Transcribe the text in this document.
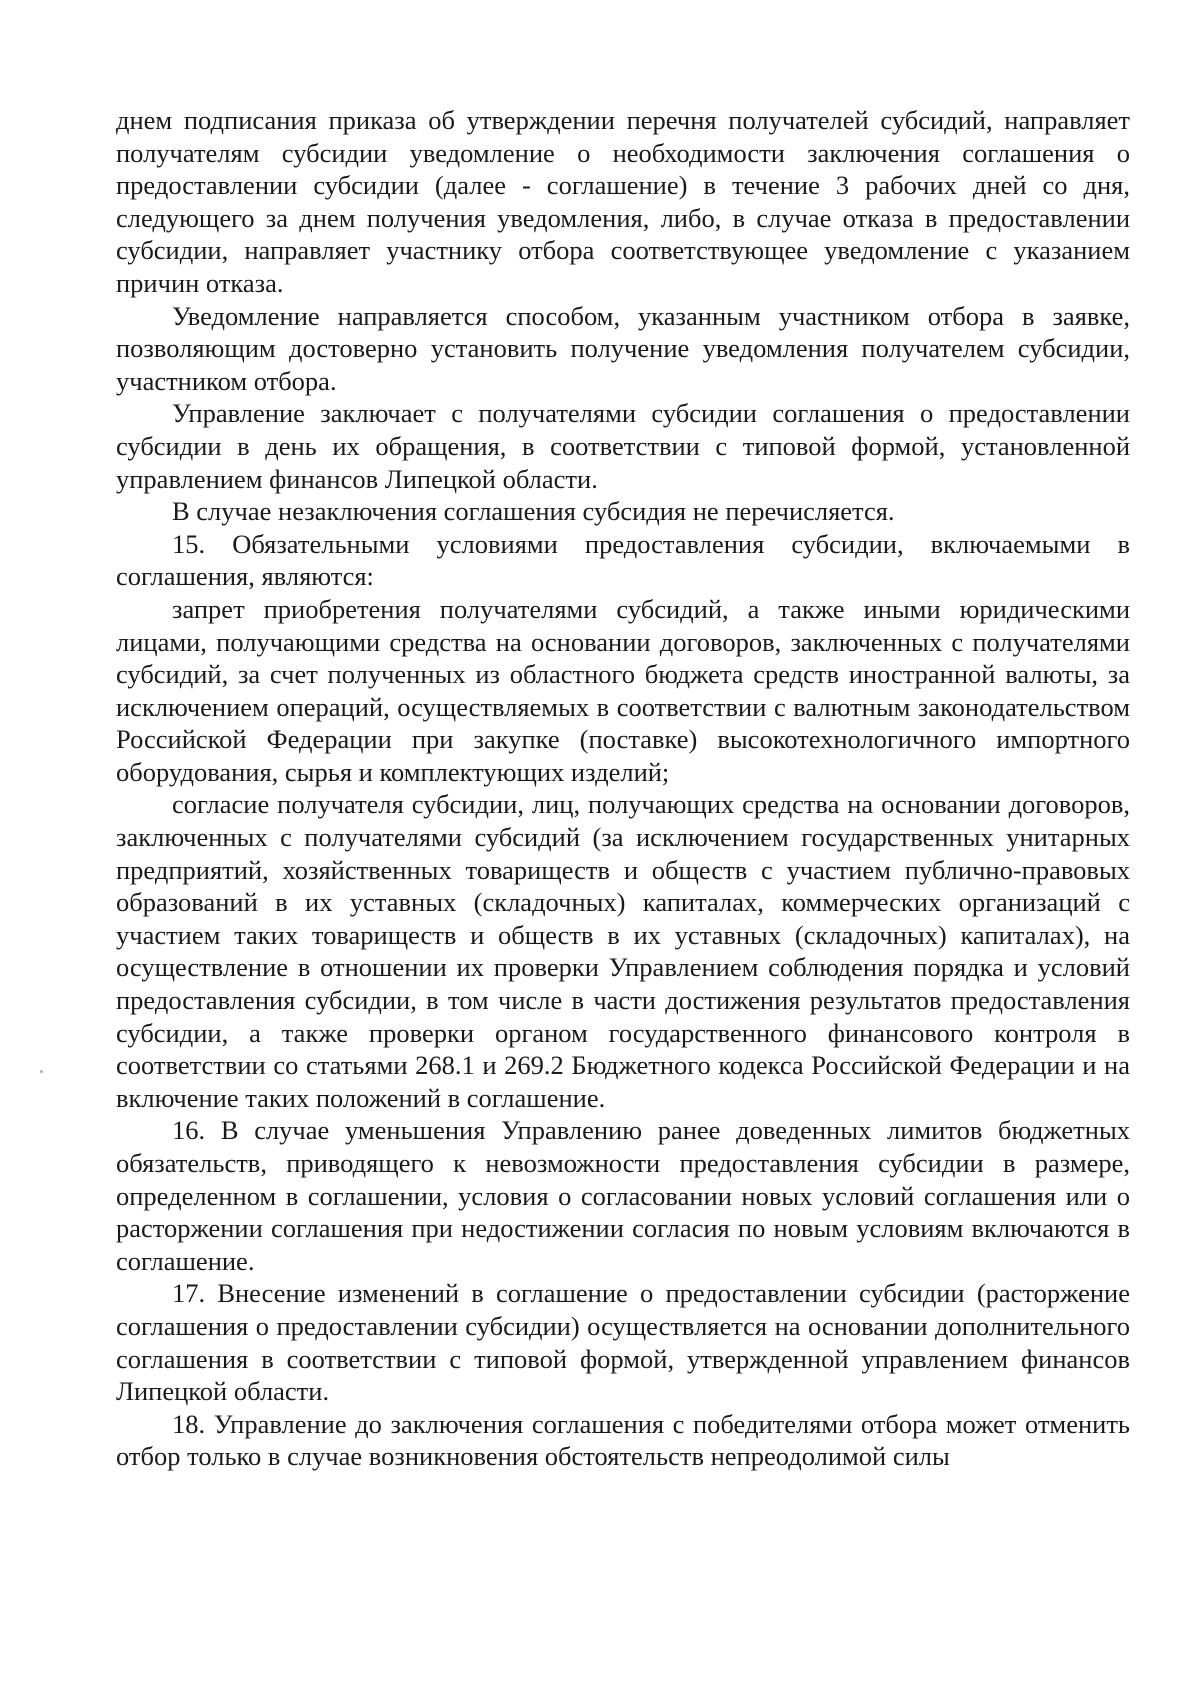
днем подписания приказа об утверждении перечня получателей субсидий, направляет получателям субсидии уведомление о необходимости заключения соглашения о предоставлении субсидии (далее - соглашение) в течение 3 рабочих дней со дня, следующего за днем получения уведомления, либо, в случае отказа в предоставлении субсидии, направляет участнику отбора соответствующее уведомление с указанием причин отказа.

Уведомление направляется способом, указанным участником отбора в заявке, позволяющим достоверно установить получение уведомления получателем субсидии, участником отбора.

Управление заключает с получателями субсидии соглашения о предоставлении субсидии в день их обращения, в соответствии с типовой формой, установленной управлением финансов Липецкой области.

В случае незаключения соглашения субсидия не перечисляется.

15. Обязательными условиями предоставления субсидии, включаемыми в соглашения, являются:

запрет приобретения получателями субсидий, а также иными юридическими лицами, получающими средства на основании договоров, заключенных с получателями субсидий, за счет полученных из областного бюджета средств иностранной валюты, за исключением операций, осуществляемых в соответствии с валютным законодательством Российской Федерации при закупке (поставке) высокотехнологичного импортного оборудования, сырья и комплектующих изделий;

согласие получателя субсидии, лиц, получающих средства на основании договоров, заключенных с получателями субсидий (за исключением государственных унитарных предприятий, хозяйственных товариществ и обществ с участием публично-правовых образований в их уставных (складочных) капиталах, коммерческих организаций с участием таких товариществ и обществ в их уставных (складочных) капиталах), на осуществление в отношении их проверки Управлением соблюдения порядка и условий предоставления субсидии, в том числе в части достижения результатов предоставления субсидии, а также проверки органом государственного финансового контроля в соответствии со статьями 268.1 и 269.2 Бюджетного кодекса Российской Федерации и на включение таких положений в соглашение.

16. В случае уменьшения Управлению ранее доведенных лимитов бюджетных обязательств, приводящего к невозможности предоставления субсидии в размере, определенном в соглашении, условия о согласовании новых условий соглашения или о расторжении соглашения при недостижении согласия по новым условиям включаются в соглашение.

17. Внесение изменений в соглашение о предоставлении субсидии (расторжение соглашения о предоставлении субсидии) осуществляется на основании дополнительного соглашения в соответствии с типовой формой, утвержденной управлением финансов Липецкой области.

18. Управление до заключения соглашения с победителями отбора может отменить отбор только в случае возникновения обстоятельств непреодолимой силы
